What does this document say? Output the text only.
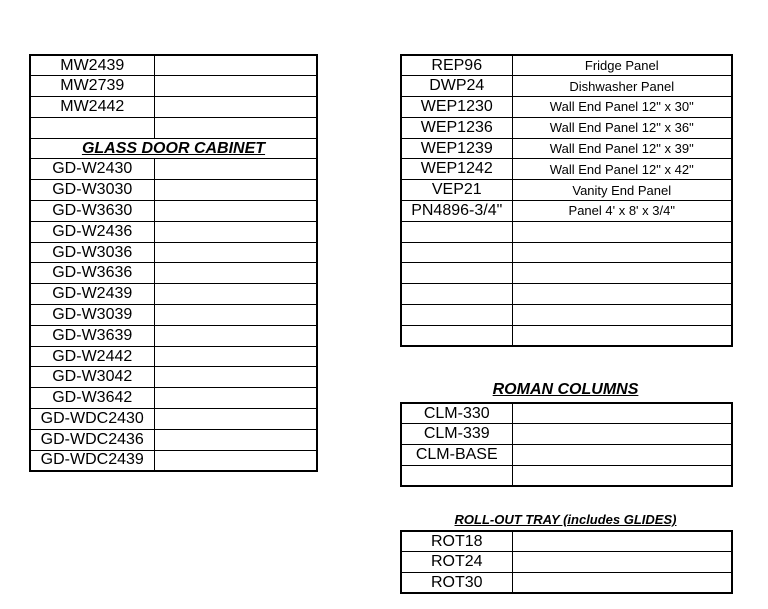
MW2439	
MW2739	
MW2442	

GLASS DOOR CABINET	
GD-W2430	
GD-W3030	
GD-W3630	
GD-W2436	
GD-W3036	
GD-W3636	
GD-W2439	
GD-W3039	
GD-W3639	
GD-W2442	
GD-W3042	
GD-W3642	
GD-WDC2430	
GD-WDC2436	
GD-WDC2439	
REP96	Fridge Panel
DWP24	Dishwasher Panel
WEP1230	Wall End Panel 12" x 30"
WEP1236	Wall End Panel 12" x 36"
WEP1239	Wall End Panel 12" x 39"
WEP1242	Wall End Panel 12" x 42"
VEP21	Vanity End Panel
PN4896-3/4"	Panel 4' x 8' x 3/4"

ROMAN COLUMNS
CLM-330	
CLM-339	
CLM-BASE	

ROLL-OUT TRAY (includes GLIDES)
ROT18	
ROT24	
ROT30	
